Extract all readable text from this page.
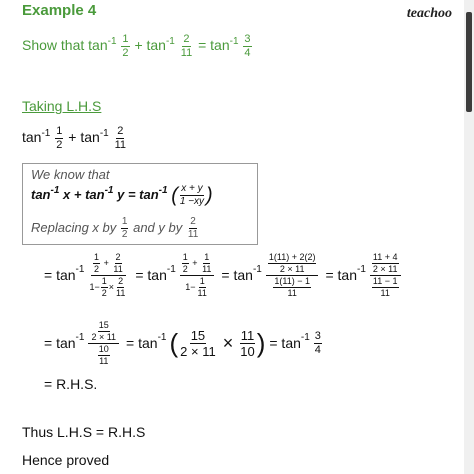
teachoo
Example 4
Show that $\tan^{-1} \frac{1}{2} + \tan^{-1} \frac{2}{11} = \tan^{-1} \frac{3}{4}$
Taking L.H.S
$\tan^{-1} \frac{1}{2} + \tan^{-1} \frac{2}{11}$
We know that
$\tan^{-1} x + \tan^{-1} y = \tan^{-1}$ ( $\frac{x + y}{1 -xy}$ )
Replacing x by $\frac{1}{2}$ and y by $\frac{2}{11}$
= $\tan -1 \frac{\frac{1}{2} + \frac{2}{11}}{1- \frac{1}{2} \times \frac{2}{11}} = \tan -1 \frac{\frac{1}{2} + \frac{1}{11}}{1- \frac{1}{11}} = \tan -1 \frac{\frac{1(11) + 2(2)}{2 \times 11}}{\frac{1(11) - 1}{11}} = \tan -1 \frac{\frac{11 + 4}{2 \times 11}}{\frac{11 - 1}{11}}$
= $\tan -1 \frac{\frac{15}{2 \times 11}}{\frac{10}{11}} = \tan -1$ ( $\frac{15}{2 \times 11} \times \frac{11}{10}$ ) = $\tan -1 \frac{3}{4}$
= R.H.S.
Thus L.H.S = R.H.S
Hence proved
